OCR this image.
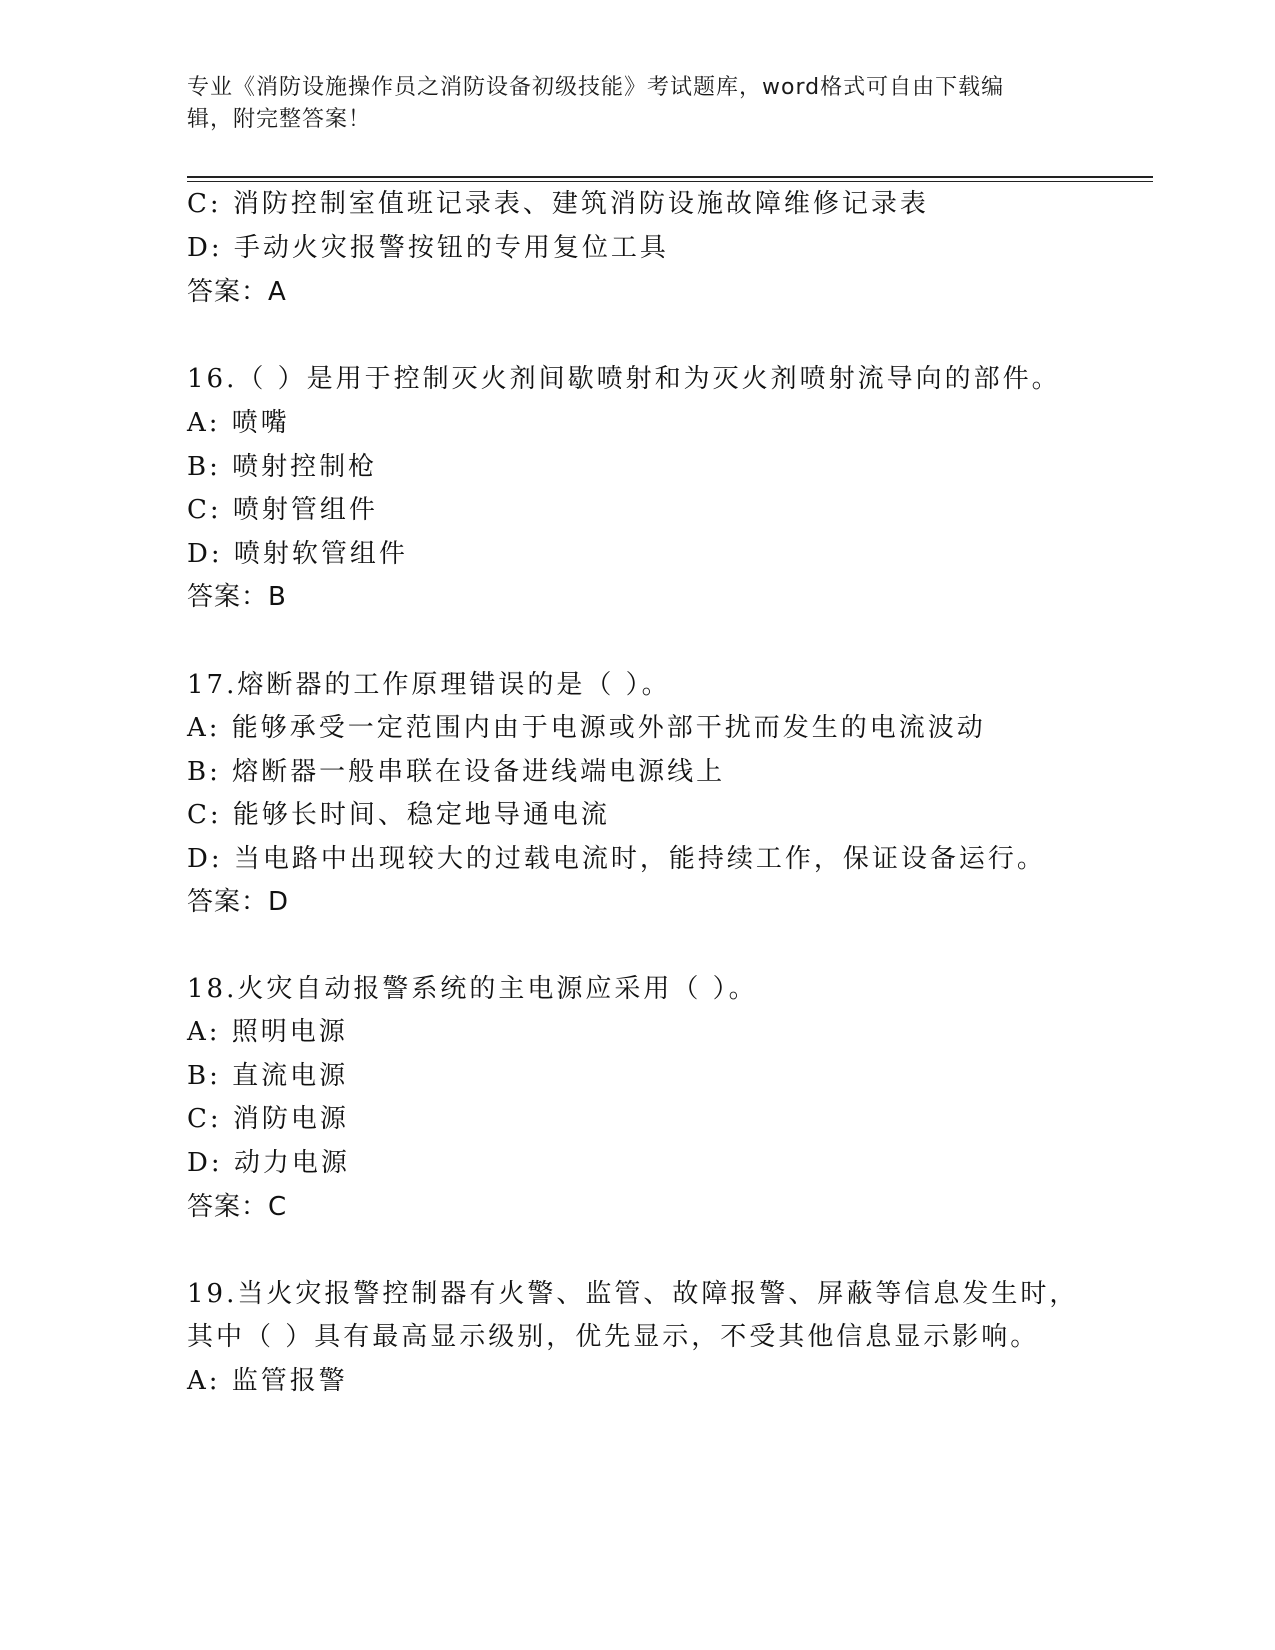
专业《消防设施操作员之消防设备初级技能》考试题库，word格式可自由下载编
辑，附完整答案！
C: 消防控制室值班记录表、建筑消防设施故障维修记录表
D: 手动火灾报警按钮的专用复位工具
答案：A
16.（ ）是用于控制灭火剂间歇喷射和为灭火剂喷射流导向的部件。
A: 喷嘴
B: 喷射控制枪
C: 喷射管组件
D: 喷射软管组件
答案：B
17.熔断器的工作原理错误的是（ ）。
A: 能够承受一定范围内由于电源或外部干扰而发生的电流波动
B: 熔断器一般串联在设备进线端电源线上
C: 能够长时间、稳定地导通电流
D: 当电路中出现较大的过载电流时，能持续工作，保证设备运行。
答案：D
18.火灾自动报警系统的主电源应采用（ ）。
A: 照明电源
B: 直流电源
C: 消防电源
D: 动力电源
答案：C
19.当火灾报警控制器有火警、监管、故障报警、屏蔽等信息发生时，
其中（ ）具有最高显示级别，优先显示，不受其他信息显示影响。
A: 监管报警
